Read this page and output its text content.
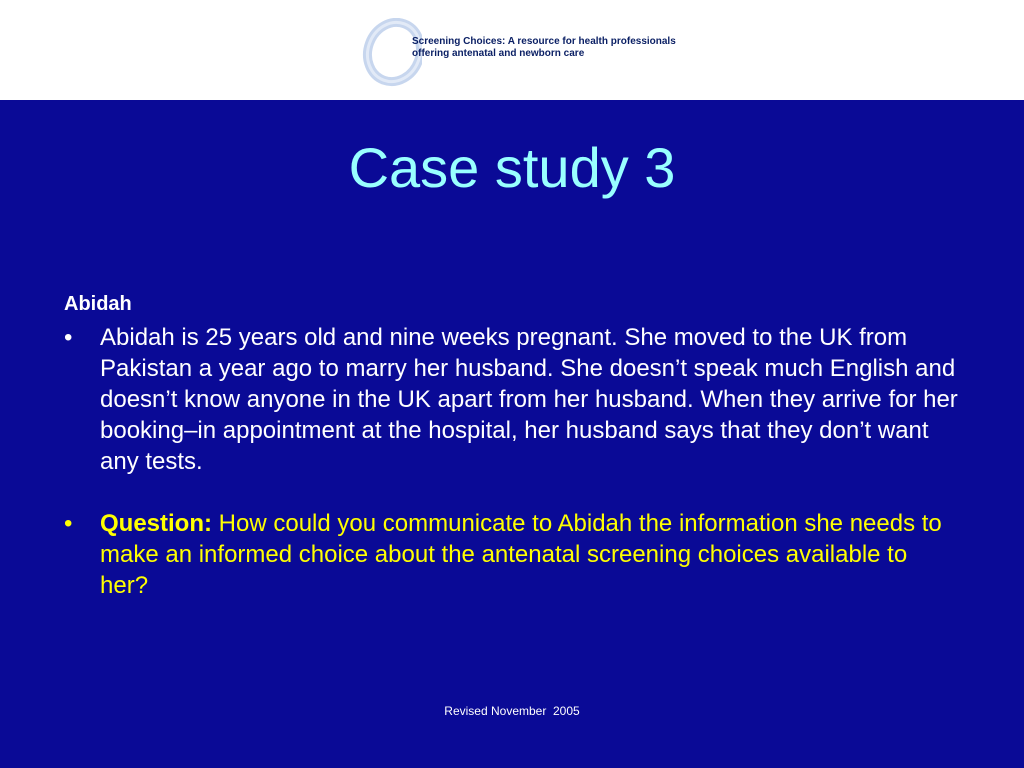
Screening Choices: A resource for health professionals
offering antenatal and newborn care
Case study 3
Abidah
• Abidah is 25 years old and nine weeks pregnant. She moved to the UK from Pakistan a year ago to marry her husband. She doesn’t speak much English and doesn’t know anyone in the UK apart from her husband. When they arrive for her booking–in appointment at the hospital, her husband says that they don’t want any tests.
• Question: How could you communicate to Abidah the information she needs to make an informed choice about the antenatal screening choices available to her?
Revised November  2005
